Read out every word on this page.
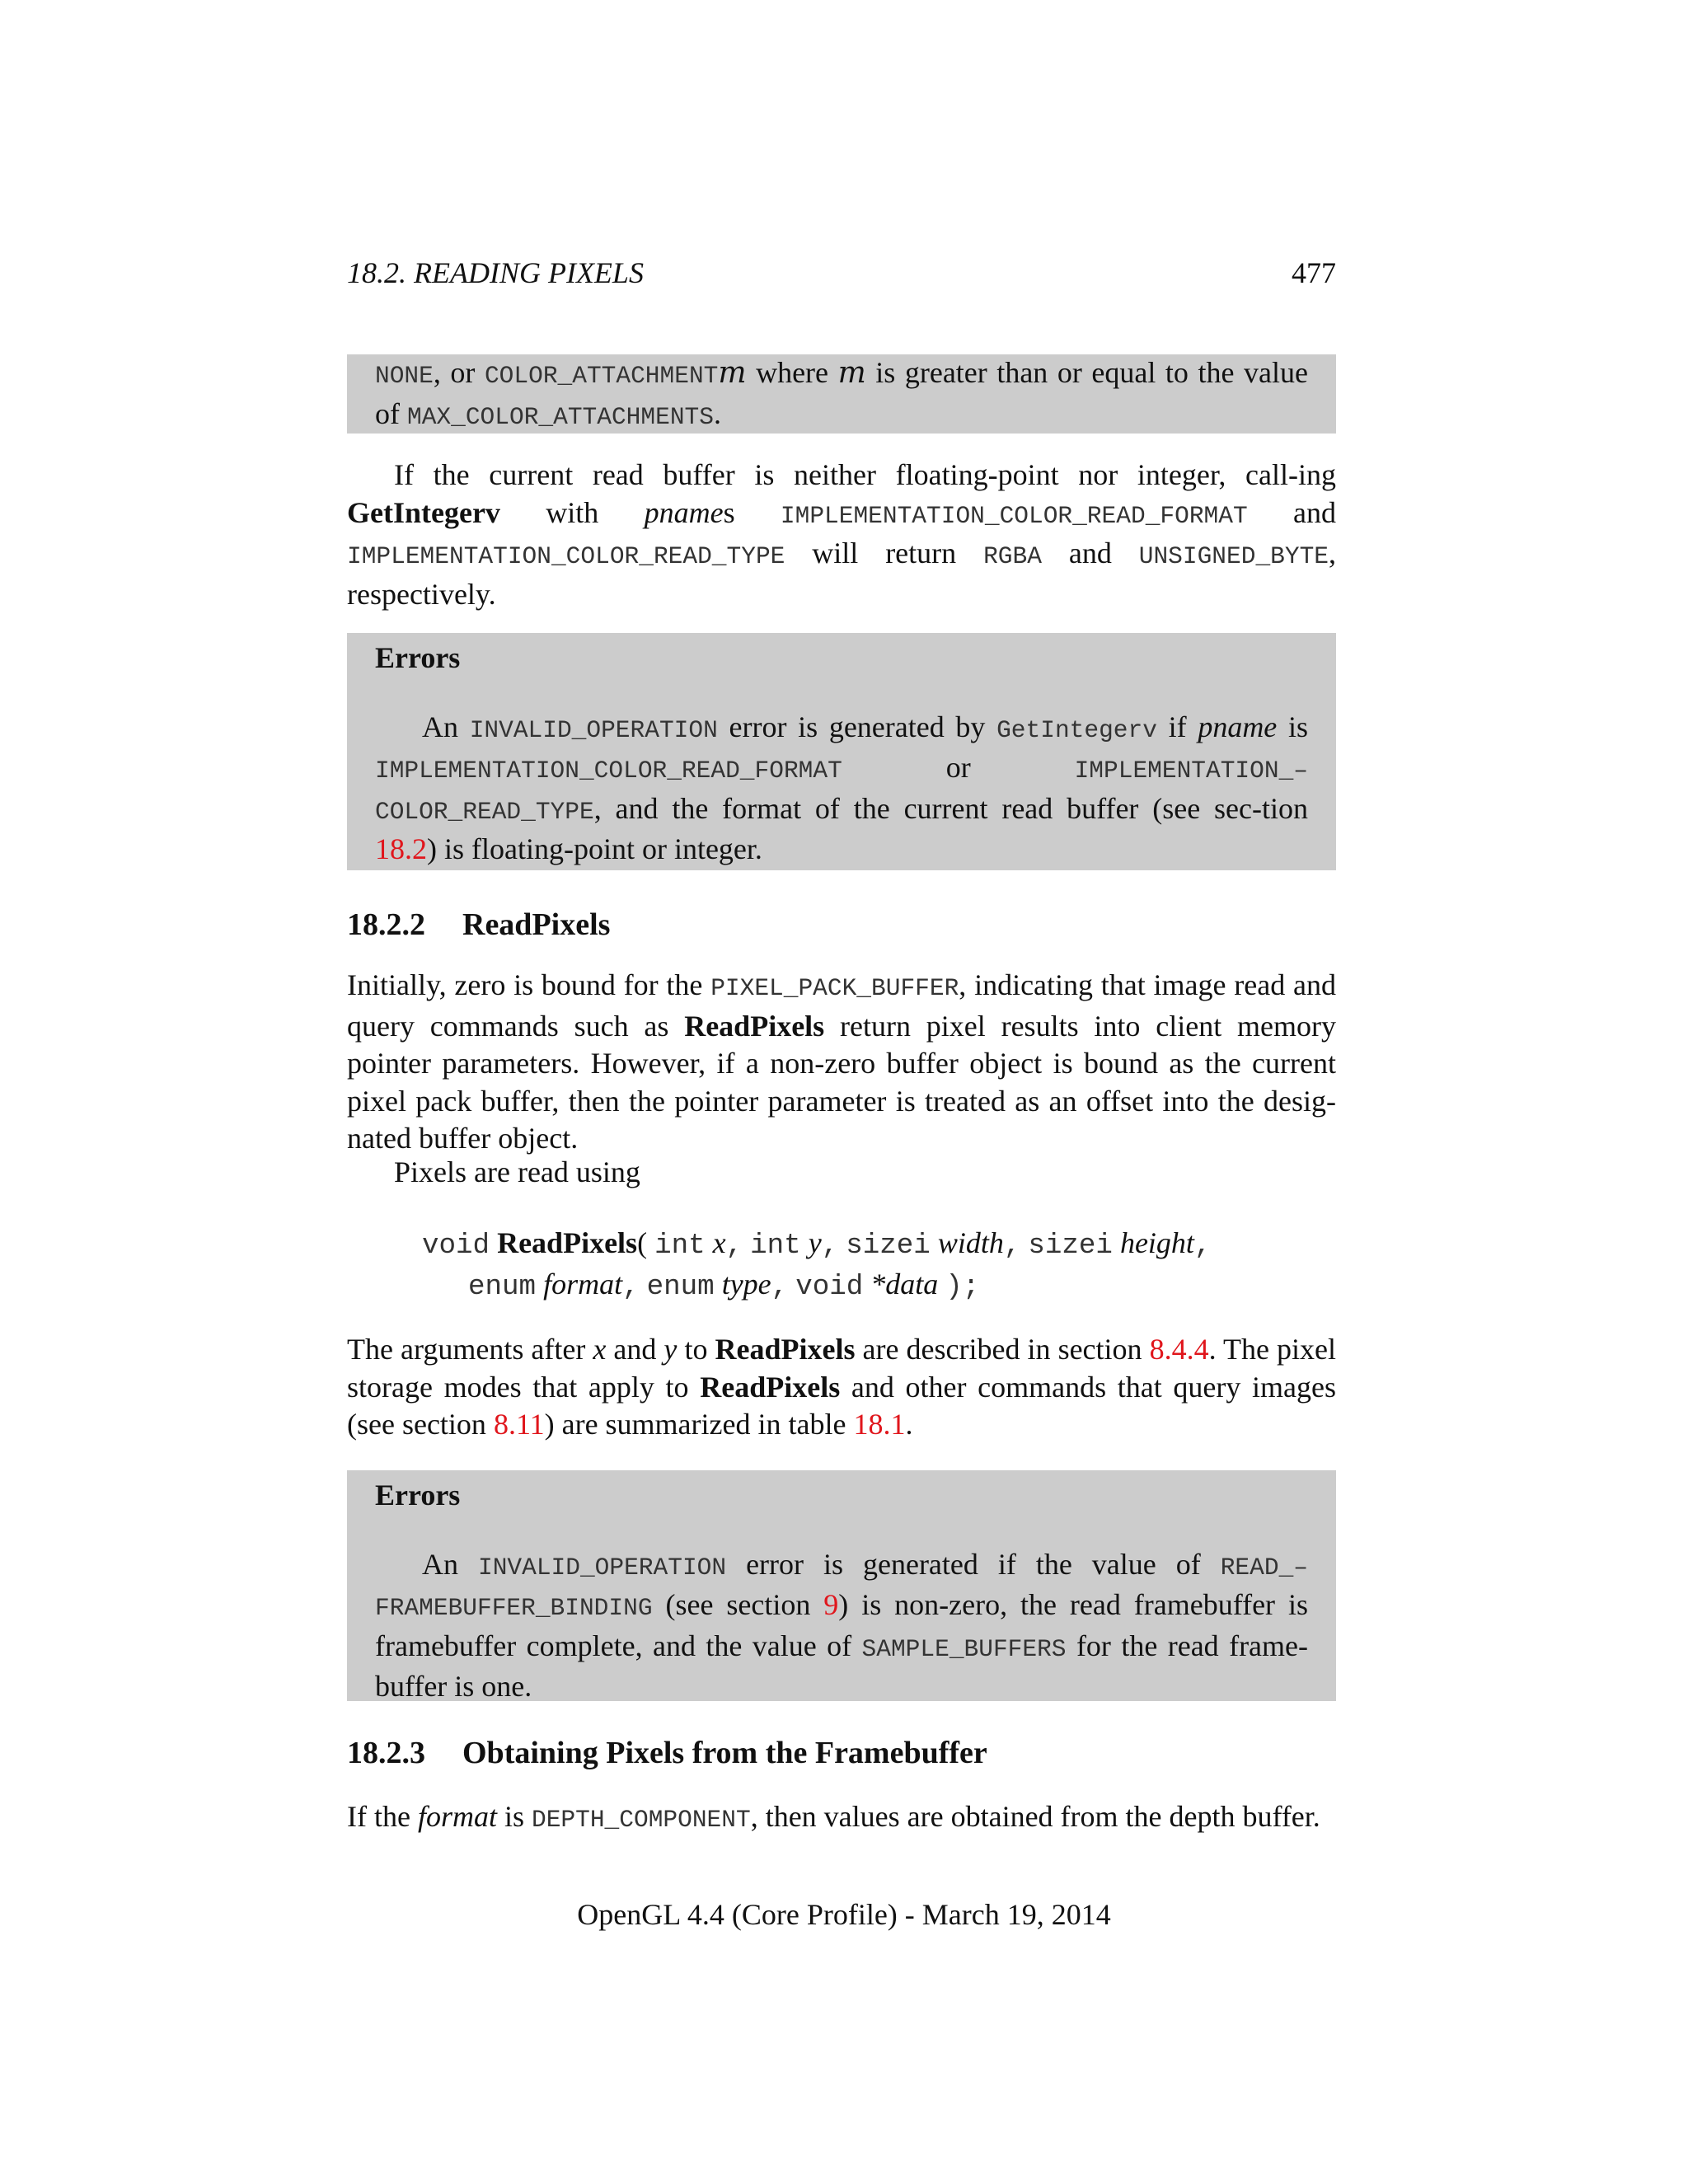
18.2. READING PIXELS	477

NONE, or COLOR_ATTACHMENTm where m is greater than or equal to the value of MAX_COLOR_ATTACHMENTS.

If the current read buffer is neither floating-point nor integer, call-ing GetIntegerv with pnames IMPLEMENTATION_COLOR_READ_FORMAT and IMPLEMENTATION_COLOR_READ_TYPE will return RGBA and UNSIGNED_BYTE, respectively.

Errors

An INVALID_OPERATION error is generated by GetIntegerv if pname is IMPLEMENTATION_COLOR_READ_FORMAT or IMPLEMENTATION_–COLOR_READ_TYPE, and the format of the current read buffer (see sec-tion 18.2) is floating-point or integer.

18.2.2 ReadPixels
Initially, zero is bound for the PIXEL_PACK_BUFFER, indicating that image read and query commands such as ReadPixels return pixel results into client memory pointer parameters. However, if a non-zero buffer object is bound as the current pixel pack buffer, then the pointer parameter is treated as an offset into the desig-nated buffer object.
Pixels are read using
void ReadPixels( int x, int y, sizei width, sizei height,
enum format, enum type, void *data );
The arguments after x and y to ReadPixels are described in section 8.4.4. The pixel storage modes that apply to ReadPixels and other commands that query images (see section 8.11) are summarized in table 18.1.

Errors

An INVALID_OPERATION error is generated if the value of READ_–FRAMEBUFFER_BINDING (see section 9) is non-zero, the read framebuffer is framebuffer complete, and the value of SAMPLE_BUFFERS for the read frame-buffer is one.

18.2.3 Obtaining Pixels from the Framebuffer
If the format is DEPTH_COMPONENT, then values are obtained from the depth buffer.
OpenGL 4.4 (Core Profile) - March 19, 2014
